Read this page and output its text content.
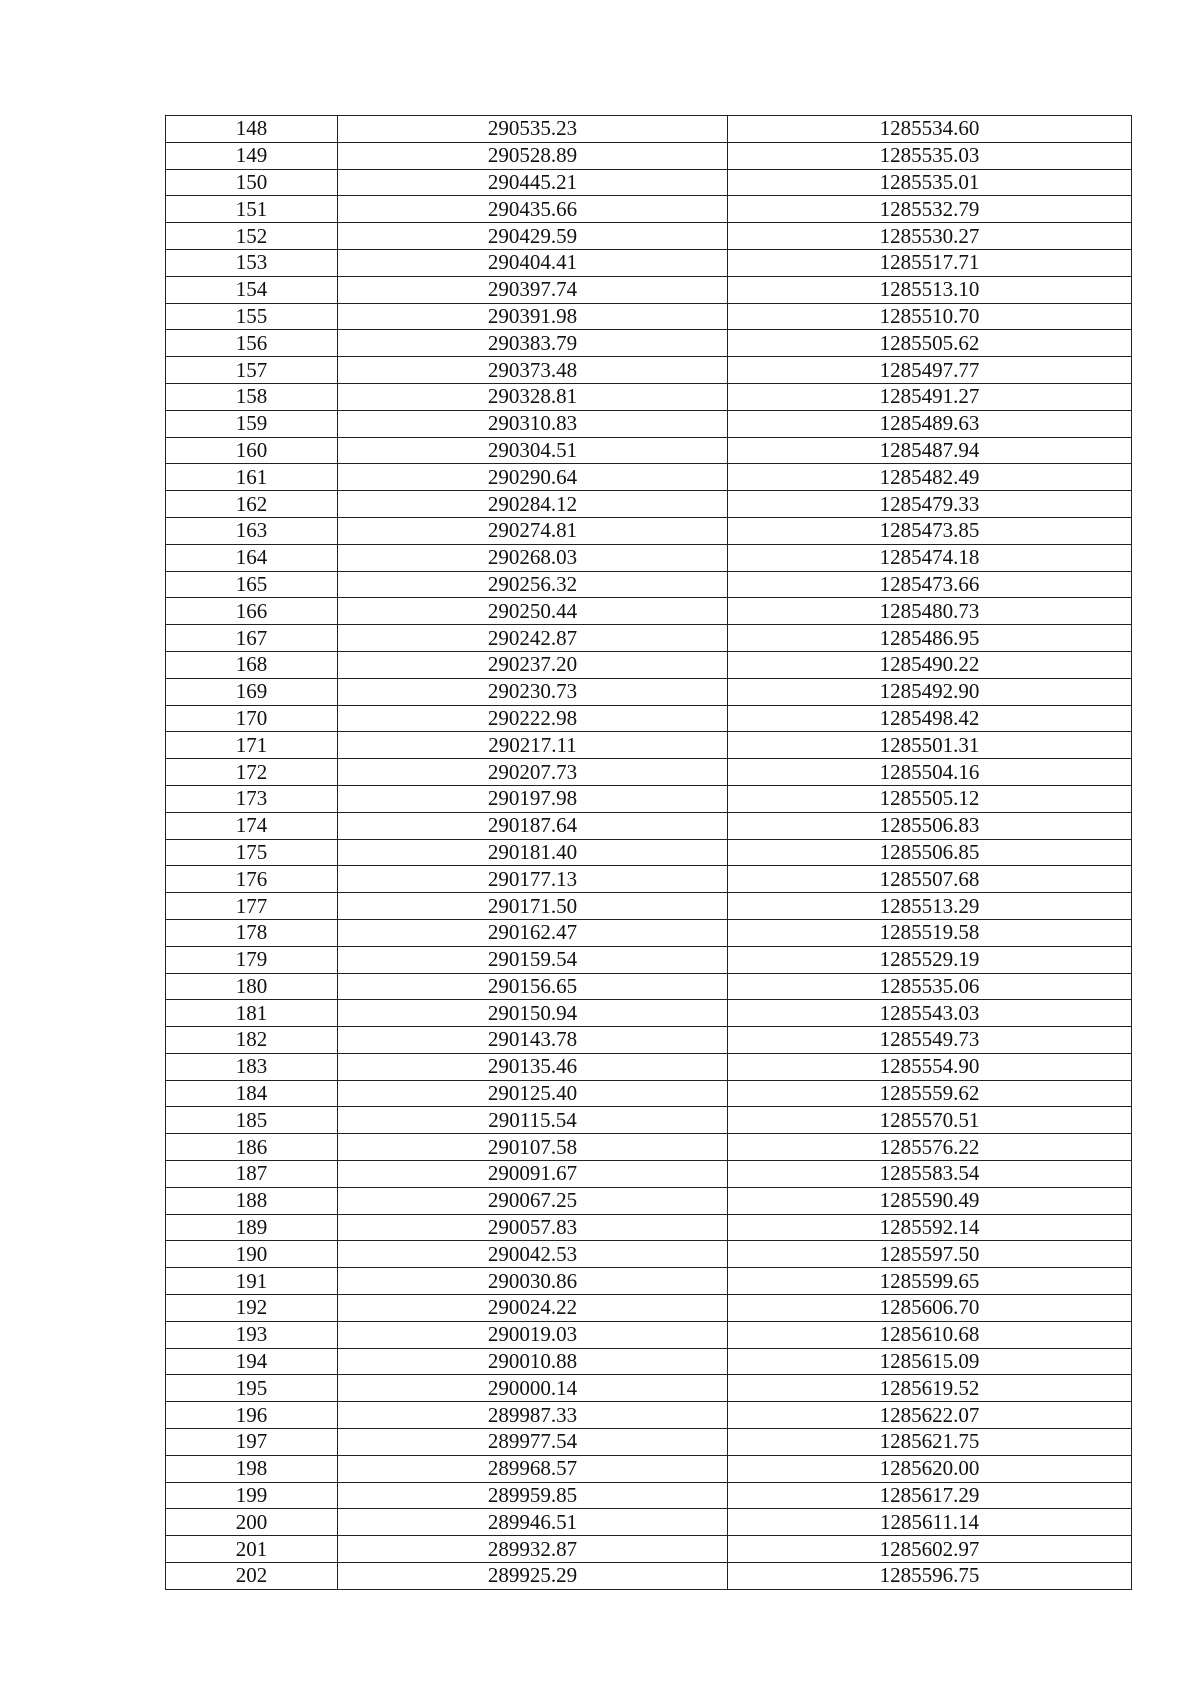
148	290535.23	1285534.60
149	290528.89	1285535.03
150	290445.21	1285535.01
151	290435.66	1285532.79
152	290429.59	1285530.27
153	290404.41	1285517.71
154	290397.74	1285513.10
155	290391.98	1285510.70
156	290383.79	1285505.62
157	290373.48	1285497.77
158	290328.81	1285491.27
159	290310.83	1285489.63
160	290304.51	1285487.94
161	290290.64	1285482.49
162	290284.12	1285479.33
163	290274.81	1285473.85
164	290268.03	1285474.18
165	290256.32	1285473.66
166	290250.44	1285480.73
167	290242.87	1285486.95
168	290237.20	1285490.22
169	290230.73	1285492.90
170	290222.98	1285498.42
171	290217.11	1285501.31
172	290207.73	1285504.16
173	290197.98	1285505.12
174	290187.64	1285506.83
175	290181.40	1285506.85
176	290177.13	1285507.68
177	290171.50	1285513.29
178	290162.47	1285519.58
179	290159.54	1285529.19
180	290156.65	1285535.06
181	290150.94	1285543.03
182	290143.78	1285549.73
183	290135.46	1285554.90
184	290125.40	1285559.62
185	290115.54	1285570.51
186	290107.58	1285576.22
187	290091.67	1285583.54
188	290067.25	1285590.49
189	290057.83	1285592.14
190	290042.53	1285597.50
191	290030.86	1285599.65
192	290024.22	1285606.70
193	290019.03	1285610.68
194	290010.88	1285615.09
195	290000.14	1285619.52
196	289987.33	1285622.07
197	289977.54	1285621.75
198	289968.57	1285620.00
199	289959.85	1285617.29
200	289946.51	1285611.14
201	289932.87	1285602.97
202	289925.29	1285596.75
